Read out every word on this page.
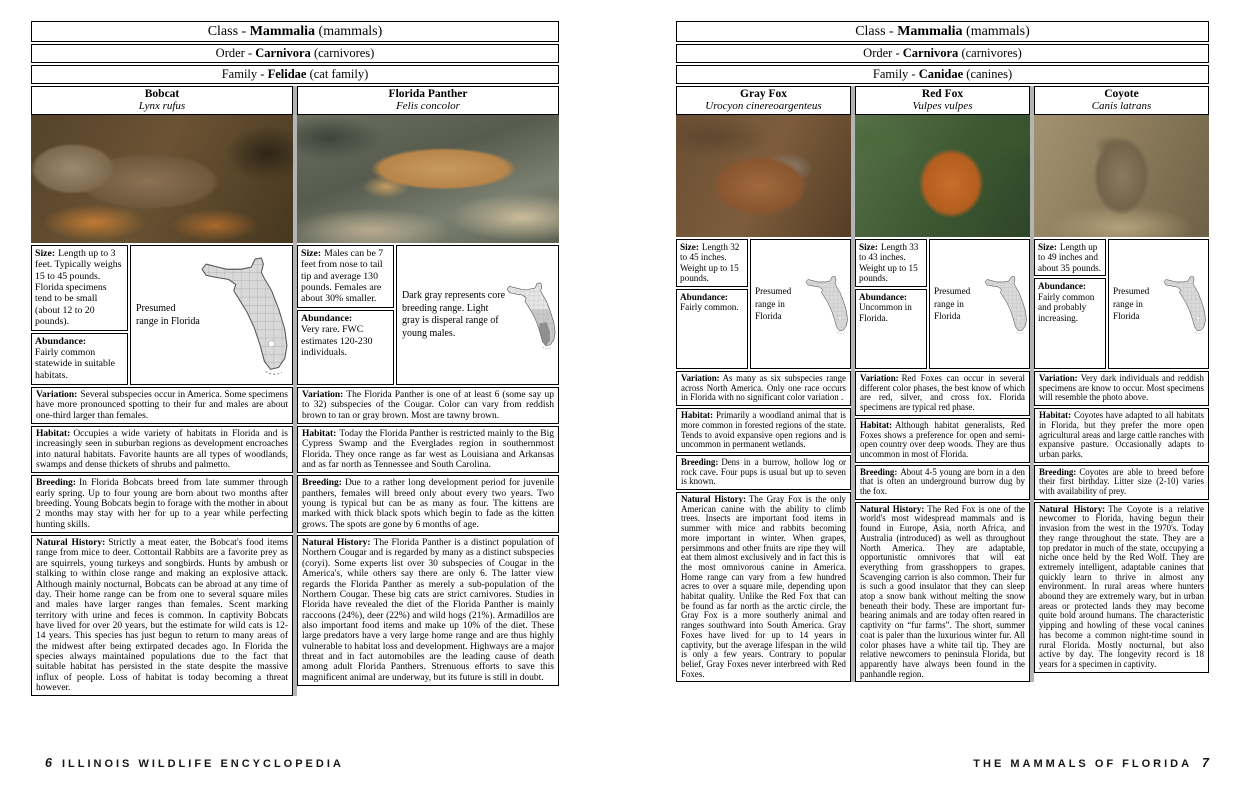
Class - Mammalia (mammals)
Order - Carnivora (carnivores)
Family - Felidae (cat family)
Bobcat
Lynx rufus
Size: Length up to 3 feet. Typically weighs 15 to 45 pounds. Florida specimens tend to be small (about 12 to 20 pounds).
Abundance:
Fairly common statewide in suitable habitats.
Presumed range in Florida
Variation: Several subspecies occur in America. Some specimens have more pronounced spotting to their fur and males are about one-third larger than females.
Habitat: Occupies a wide variety of habitats in Florida and is increasingly seen in suburban regions as development encroaches into natural habitats. Favorite haunts are all types of woodlands, swamps and dense thickets of shrubs and palmetto.
Breeding: In Florida Bobcats breed from late summer through early spring. Up to four young are born about two months after breeding. Young Bobcats begin to forage with the mother in about 2 months may stay with her for up to a year while perfecting hunting skills.
Natural History: Strictly a meat eater, the Bobcat's food items range from mice to deer. Cottontail Rabbits are a favorite prey as are squirrels, young turkeys and songbirds. Hunts by ambush or stalking to within close range and making an explosive attack. Although mainly nocturnal, Bobcats can be abroad at any time of day. Their home range can be from one to several square miles and males have larger ranges than females. Scent marking territory with urine and feces is common. In captivity Bobcats have lived for over 20 years, but the estimate for wild cats is 12-14 years. This species has just begun to return to many areas of the midwest after being extirpated decades ago. In Florida the species always maintained populations due to the fact that suitable habitat has persisted in the state despite the massive influx of people. Loss of habitat is today becoming a threat however.
Florida Panther
Felis concolor
Size: Males can be 7 feet from nose to tail tip and average 130 pounds. Females are about 30% smaller.
Abundance:
Very rare. FWC estimates 120-230 individuals.
Dark gray represents core breeding range. Light gray is disperal range of young males.
Variation: The Florida Panther is one of at least 6 (some say up to 32) subspecies of the Cougar. Color can vary from reddish brown to tan or gray brown. Most are tawny brown.
Habitat: Today the Florida Panther is restricted mainly to the Big Cypress Swamp and the Everglades region in southernmost Florida. They once range as far west as Louisiana and Arkansas and as far north as Tennessee and South Carolina.
Breeding: Due to a rather long development period for juvenile panthers, females will breed only about every two years. Two young is typical but can be as many as four. The kittens are marked with thick black spots which begin to fade as the kitten grows. The spots are gone by 6 months of age.
Natural History: The Florida Panther is a distinct population of Northern Cougar and is regarded by many as a distinct subspecies (coryi). Some experts list over 30 subspecies of Cougar in the America's, while others say there are only 6. The latter view regards the Florida Panther as merely a sub-population of the Northern Cougar. These big cats are strict carnivores. Studies in Florida have revealed the diet of the Florida Panther is mainly raccoons (24%), deer (22%) and wild hogs (21%). Armadillos are also important food items and make up 10% of the diet. These large predators have a very large home range and are thus highly vulnerable to habitat loss and development. Highways are a major threat and in fact automobiles are the leading cause of death among adult Florida Panthers. Strenuous efforts to save this magnificent animal are underway, but its future is still in doubt.
Class - Mammalia (mammals)
Order - Carnivora (carnivores)
Family - Canidae (canines)
Gray Fox
Urocyon cinereoargenteus
Size: Length 32 to 45 inches. Weight up to 15 pounds.
Abundance:
Fairly common.
Presumed range in Florida
Variation: As many as six subspecies range across North America. Only one race occurs in Florida with no significant color variation .
Habitat: Primarily a woodland animal that is more common in forested regions of the state. Tends to avoid expansive open regions and is uncommon in permanent wetlands.
Breeding: Dens in a burrow, hollow log or rock cave. Four pups is usual but up to seven is known.
Natural History: The Gray Fox is the only American canine with the ability to climb trees. Insects are important food items in summer with mice and rabbits becoming more important in winter. When grapes, persimmons and other fruits are ripe they will eat them almost exclusively and in fact this is the most omnivorous canine in America. Home range can vary from a few hundred acres to over a square mile, depending upon habitat quality. Unlike the Red Fox that can be found as far north as the arctic circle, the Gray Fox is a more southerly animal and ranges southward into South America. Gray Foxes have lived for up to 14 years in captivity, but the average lifespan in the wild is only a few years. Contrary to popular belief, Gray Foxes never interbreed with Red Foxes.
Red Fox
Vulpes vulpes
Size: Length 33 to 43 inches. Weight up to 15 pounds.
Abundance:
Uncommon in Florida.
Presumed range in Florida
Variation: Red Foxes can occur in several different color phases, the best know of which are red, silver, and cross fox. Florida specimens are typical red phase.
Habitat: Although habitat generalists, Red Foxes shows a preference for open and semi-open country over deep woods. They are thus uncommon in most of Florida.
Breeding: About 4-5 young are born in a den that is often an underground burrow dug by the fox.
Natural History: The Red Fox is one of the world's most widespread mammals and is found in Europe, Asia, north Africa, and Australia (introduced) as well as throughout North America. They are adaptable, opportunistic omnivores that will eat everything from grasshoppers to grapes. Scavenging carrion is also common. Their fur is such a good insulator that they can sleep atop a snow bank without melting the snow beneath their body. These are important fur-bearing animals and are today often reared in captivity on “fur farms”. The short, summer coat is paler than the luxurious winter fur. All color phases have a white tail tip. They are relative newcomers to peninsula Florida, but apparently have always been found in the panhandle region.
Coyote
Canis latrans
Size: Length up to 49 inches and about 35 pounds.
Abundance:
Fairly common and probably increasing.
Presumed range in Florida
Variation: Very dark individuals and reddish specimens are know to occur. Most specimens will resemble the photo above.
Habitat: Coyotes have adapted to all habitats in Florida, but they prefer the more open agricultural areas and large cattle ranches with expansive pasture. Occasionally adapts to urban parks.
Breeding: Coyotes are able to breed before their first birthday. Litter size (2-10) varies with availability of prey.
Natural History: The Coyote is a relative newcomer to Florida, having begun their invasion from the west in the 1970's. Today they range throughout the state. They are a top predator in much of the state, occupying a niche once held by the Red Wolf. They are extremely intelligent, adaptable canines that quickly learn to thrive in almost any environment. In rural areas where hunters abound they are extremely wary, but in urban areas or protected lands they may become quite bold around humans. The characteristic yipping and howling of these vocal canines has become a common night-time sound in rural Florida. Mostly nocturnal, but also active by day. The longevity record is 18 years for a specimen in captivity.
6 ILLINOIS WILDLIFE ENCYCLOPEDIA	THE MAMMALS OF FLORIDA 7
